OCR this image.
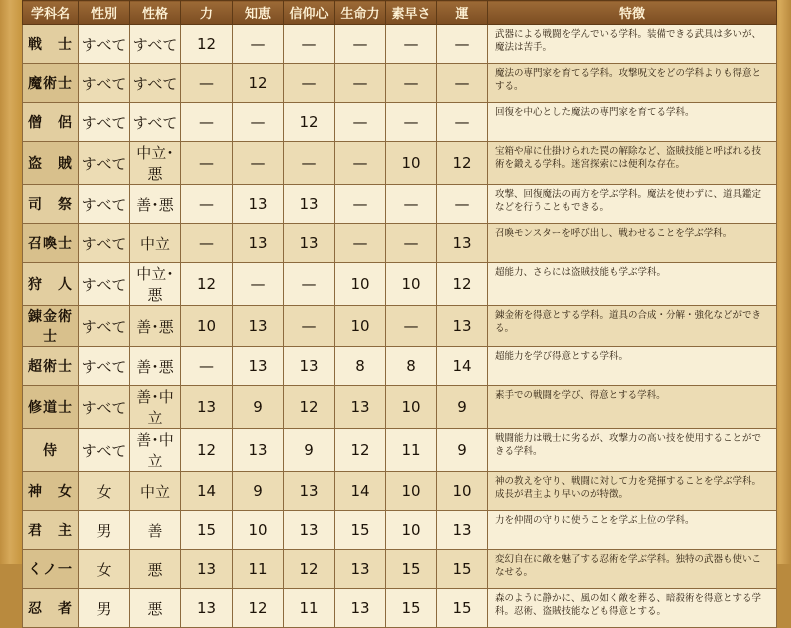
学科名	性別	性格	力	知恵	信仰心	生命力	素早さ	運	特徴
戦　士	すべて	すべて	12	—	—	—	—	—	武器による戦闘を学んでいる学科。装備できる武具は多いが、魔法は苦手。
魔術士	すべて	すべて	—	12	—	—	—	—	魔法の専門家を育てる学科。攻撃呪文をどの学科よりも得意とする。
僧　侶	すべて	すべて	—	—	12	—	—	—	回復を中心とした魔法の専門家を育てる学科。
盗　賊	すべて	中立･悪	—	—	—	—	10	12	宝箱や扉に仕掛けられた罠の解除など、盗賊技能と呼ばれる技術を鍛える学科。迷宮探索には便利な存在。
司　祭	すべて	善･悪	—	13	13	—	—	—	攻撃、回復魔法の両方を学ぶ学科。魔法を使わずに、道具鑑定などを行うこともできる。
召喚士	すべて	中立	—	13	13	—	—	13	召喚モンスターを呼び出し、戦わせることを学ぶ学科。
狩　人	すべて	中立･悪	12	—	—	10	10	12	超能力、さらには盗賊技能も学ぶ学科。
錬金術士	すべて	善･悪	10	13	—	10	—	13	錬金術を得意とする学科。道具の合成・分解・強化などができる。
超術士	すべて	善･悪	—	13	13	8	8	14	超能力を学び得意とする学科。
修道士	すべて	善･中立	13	9	12	13	10	9	素手での戦闘を学び、得意とする学科。
侍	すべて	善･中立	12	13	9	12	11	9	戦闘能力は戦士に劣るが、攻撃力の高い技を使用することができる学科。
神　女	女	中立	14	9	13	14	10	10	神の教えを守り、戦闘に対して力を発揮することを学ぶ学科。成長が君主より早いのが特徴。
君　主	男	善	15	10	13	15	10	13	力を仲間の守りに使うことを学ぶ上位の学科。
くノ一	女	悪	13	11	12	13	15	15	変幻自在に敵を魅了する忍術を学ぶ学科。独特の武器も使いこなせる。
忍　者	男	悪	13	12	11	13	15	15	森のように静かに、風の如く敵を葬る、暗殺術を得意とする学科。忍術、盗賊技能なども得意とする。
